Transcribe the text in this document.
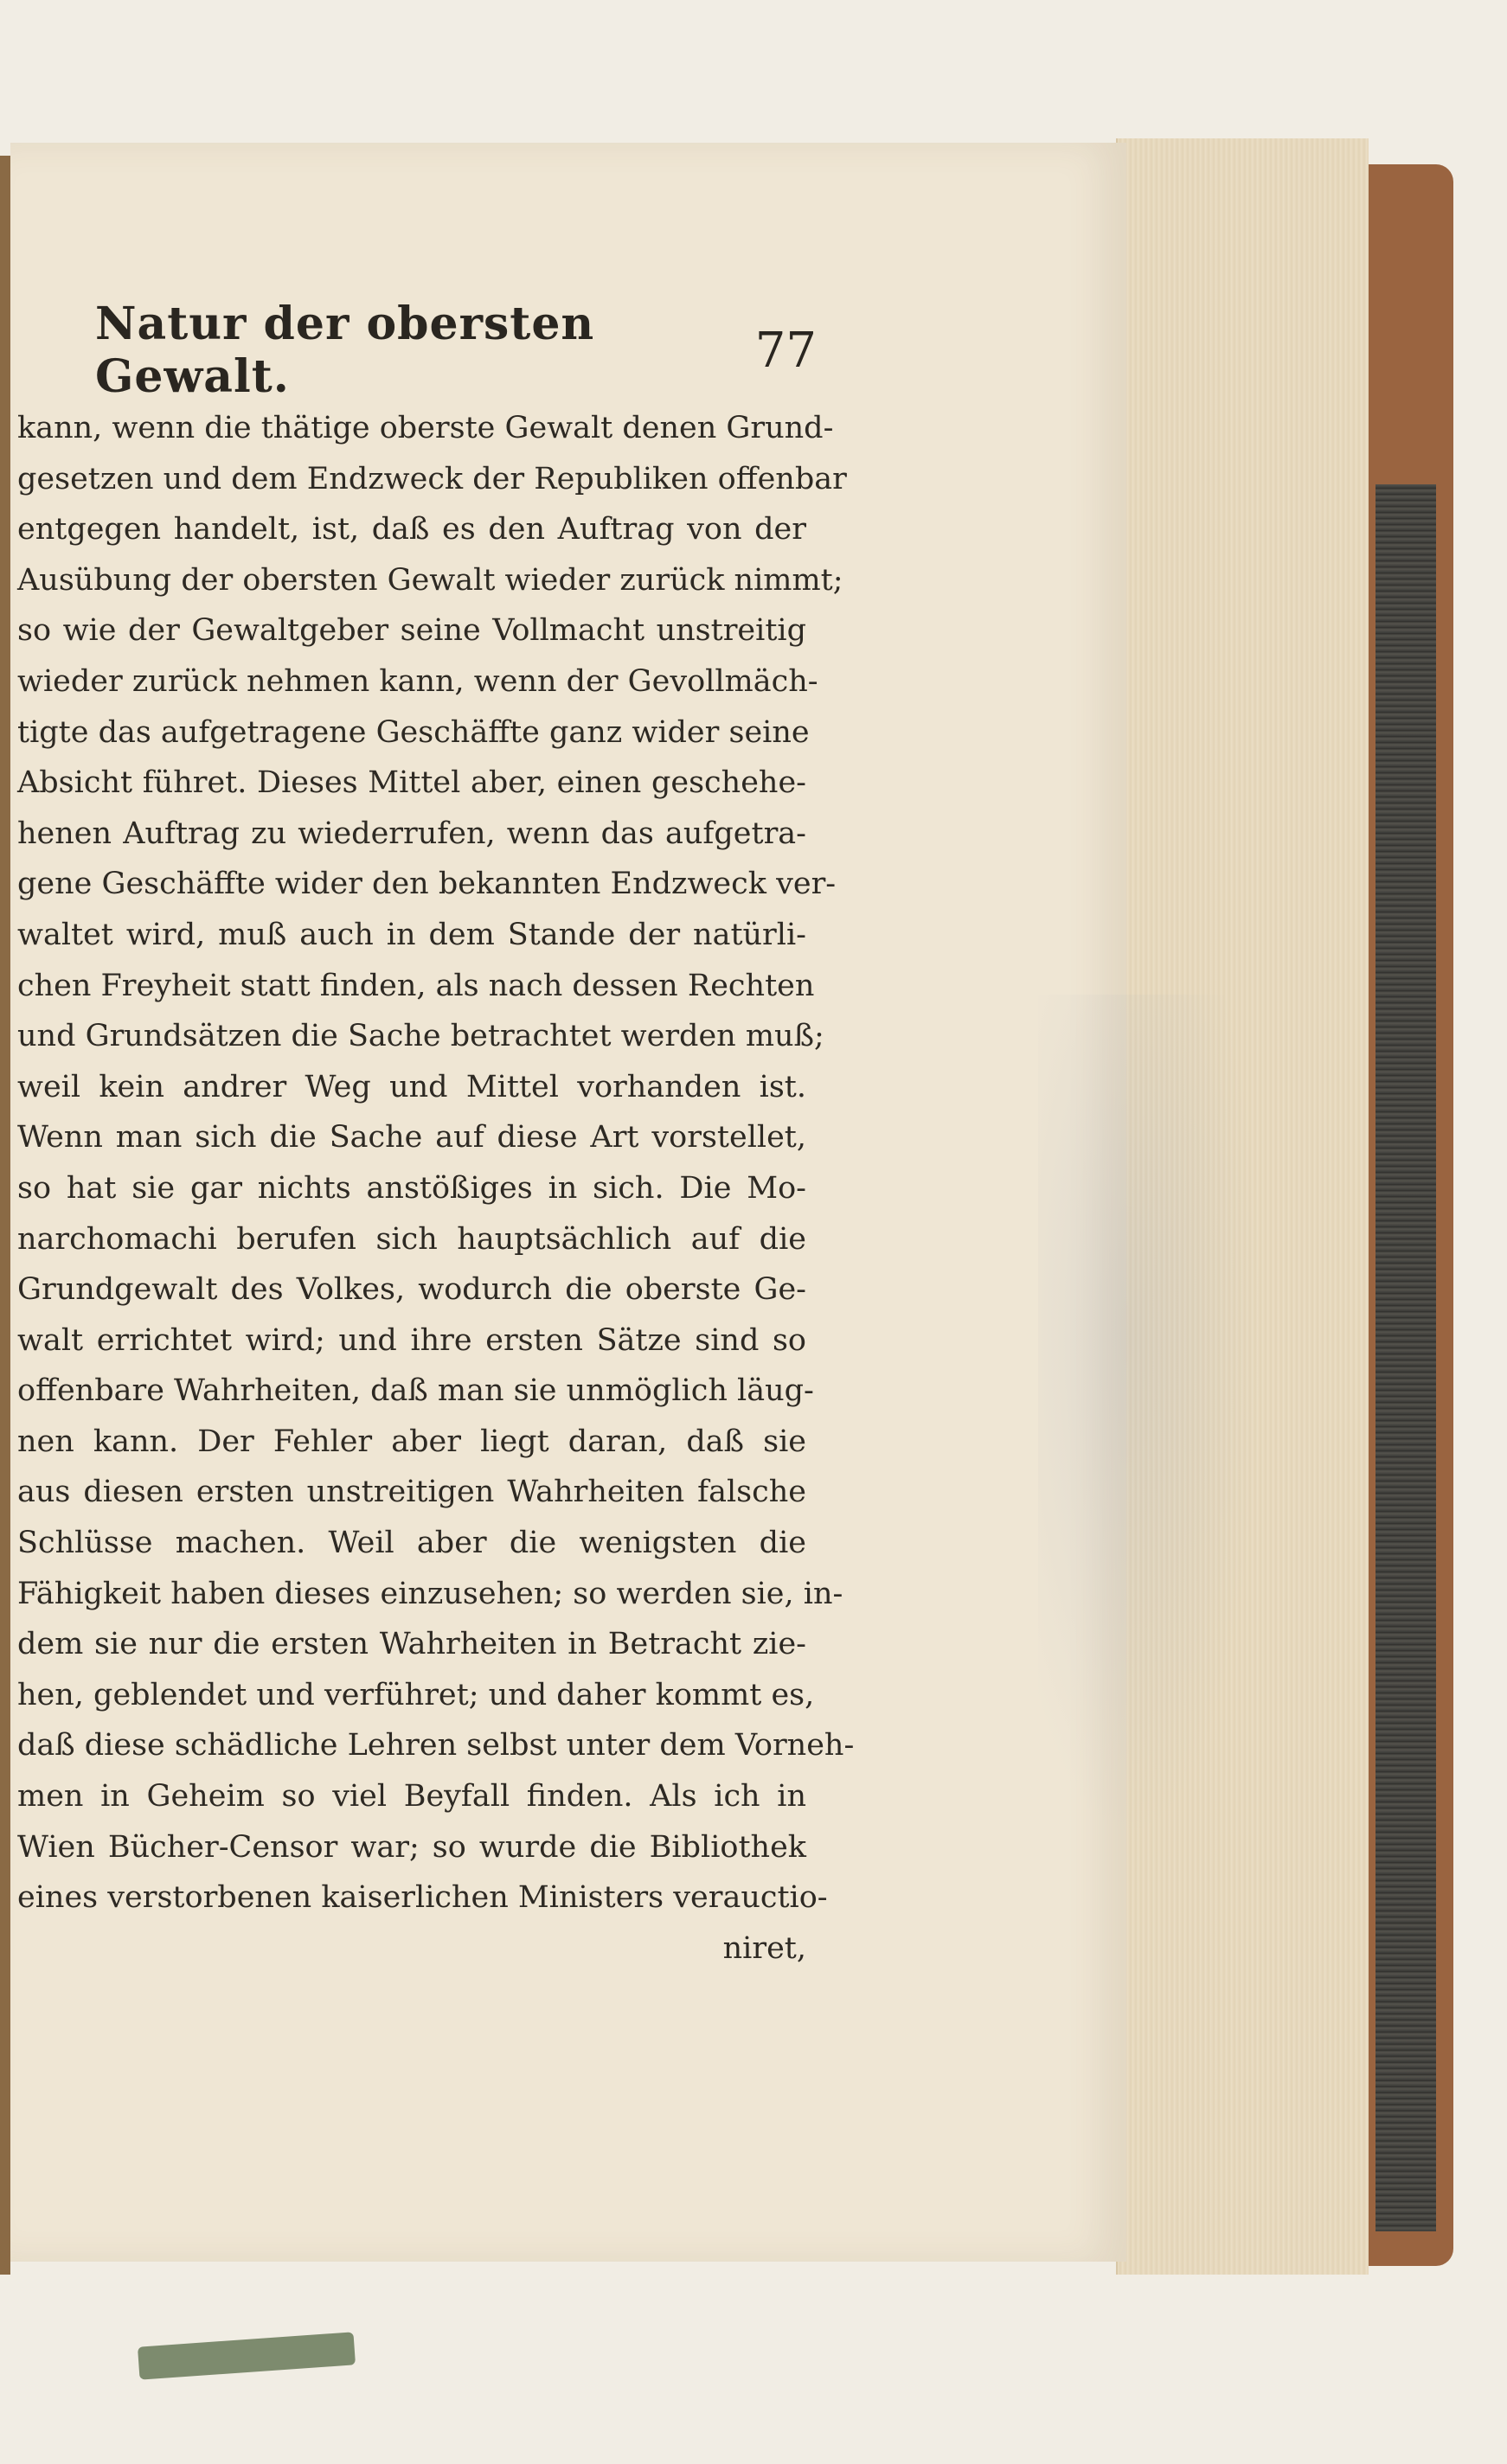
Natur der obersten Gewalt.	77
kann, wenn die thätige oberste Gewalt denen Grund-
gesetzen und dem Endzweck der Republiken offenbar
entgegen handelt, ist, daß es den Auftrag von der
Ausübung der obersten Gewalt wieder zurück nimmt;
so wie der Gewaltgeber seine Vollmacht unstreitig
wieder zurück nehmen kann, wenn der Gevollmäch-
tigte das aufgetragene Geschäffte ganz wider seine
Absicht führet. Dieses Mittel aber, einen geschehe-
henen Auftrag zu wiederrufen, wenn das aufgetra-
gene Geschäffte wider den bekannten Endzweck ver-
waltet wird, muß auch in dem Stande der natürli-
chen Freyheit statt finden, als nach dessen Rechten
und Grundsätzen die Sache betrachtet werden muß;
weil kein andrer Weg und Mittel vorhanden ist.
Wenn man sich die Sache auf diese Art vorstellet,
so hat sie gar nichts anstößiges in sich. Die Mo-
narchomachi berufen sich hauptsächlich auf die
Grundgewalt des Volkes, wodurch die oberste Ge-
walt errichtet wird; und ihre ersten Sätze sind so
offenbare Wahrheiten, daß man sie unmöglich läug-
nen kann. Der Fehler aber liegt daran, daß sie
aus diesen ersten unstreitigen Wahrheiten falsche
Schlüsse machen. Weil aber die wenigsten die
Fähigkeit haben dieses einzusehen; so werden sie, in-
dem sie nur die ersten Wahrheiten in Betracht zie-
hen, geblendet und verführet; und daher kommt es,
daß diese schädliche Lehren selbst unter dem Vorneh-
men in Geheim so viel Beyfall finden. Als ich in
Wien Bücher-Censor war; so wurde die Bibliothek
eines verstorbenen kaiserlichen Ministers verauctio-
niret,
